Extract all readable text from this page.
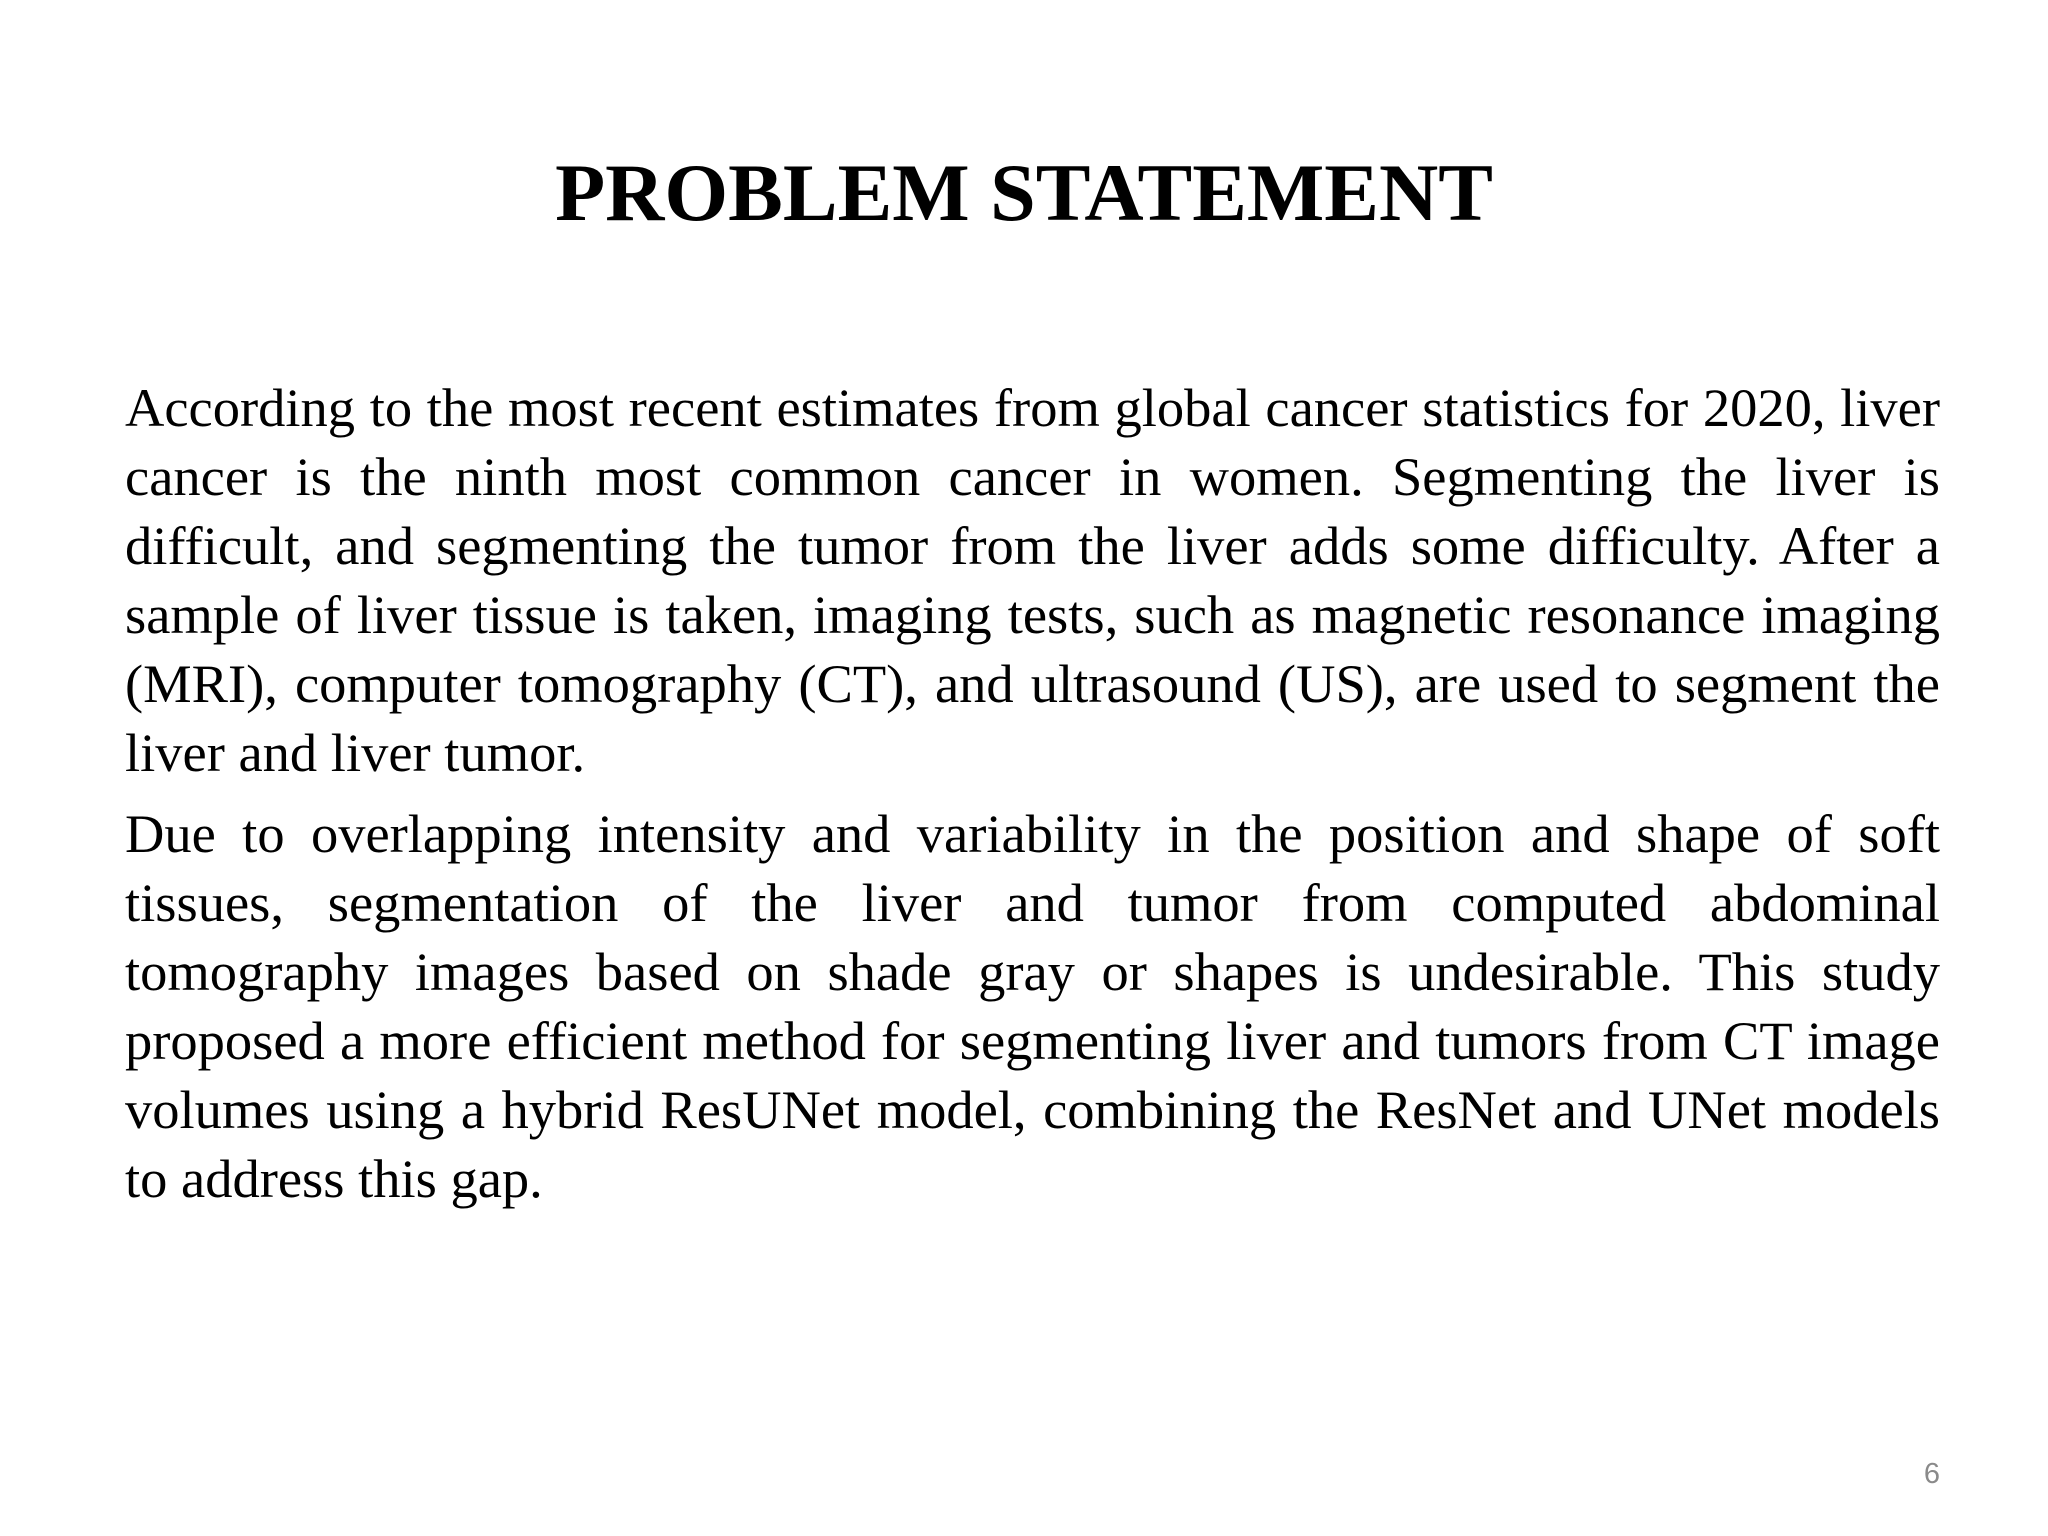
PROBLEM STATEMENT

According to the most recent estimates from global cancer statistics for 2020, liver cancer is the ninth most common cancer in women. Segmenting the liver is difficult, and segmenting the tumor from the liver adds some difficulty. After a sample of liver tissue is taken, imaging tests, such as magnetic resonance imaging (MRI), computer tomography (CT), and ultrasound (US), are used to segment the liver and liver tumor.

Due to overlapping intensity and variability in the position and shape of soft tissues, segmentation of the liver and tumor from computed abdominal tomography images based on shade gray or shapes is undesirable. This study proposed a more efficient method for segmenting liver and tumors from CT image volumes using a hybrid ResUNet model, combining the ResNet and UNet models to address this gap.

6
